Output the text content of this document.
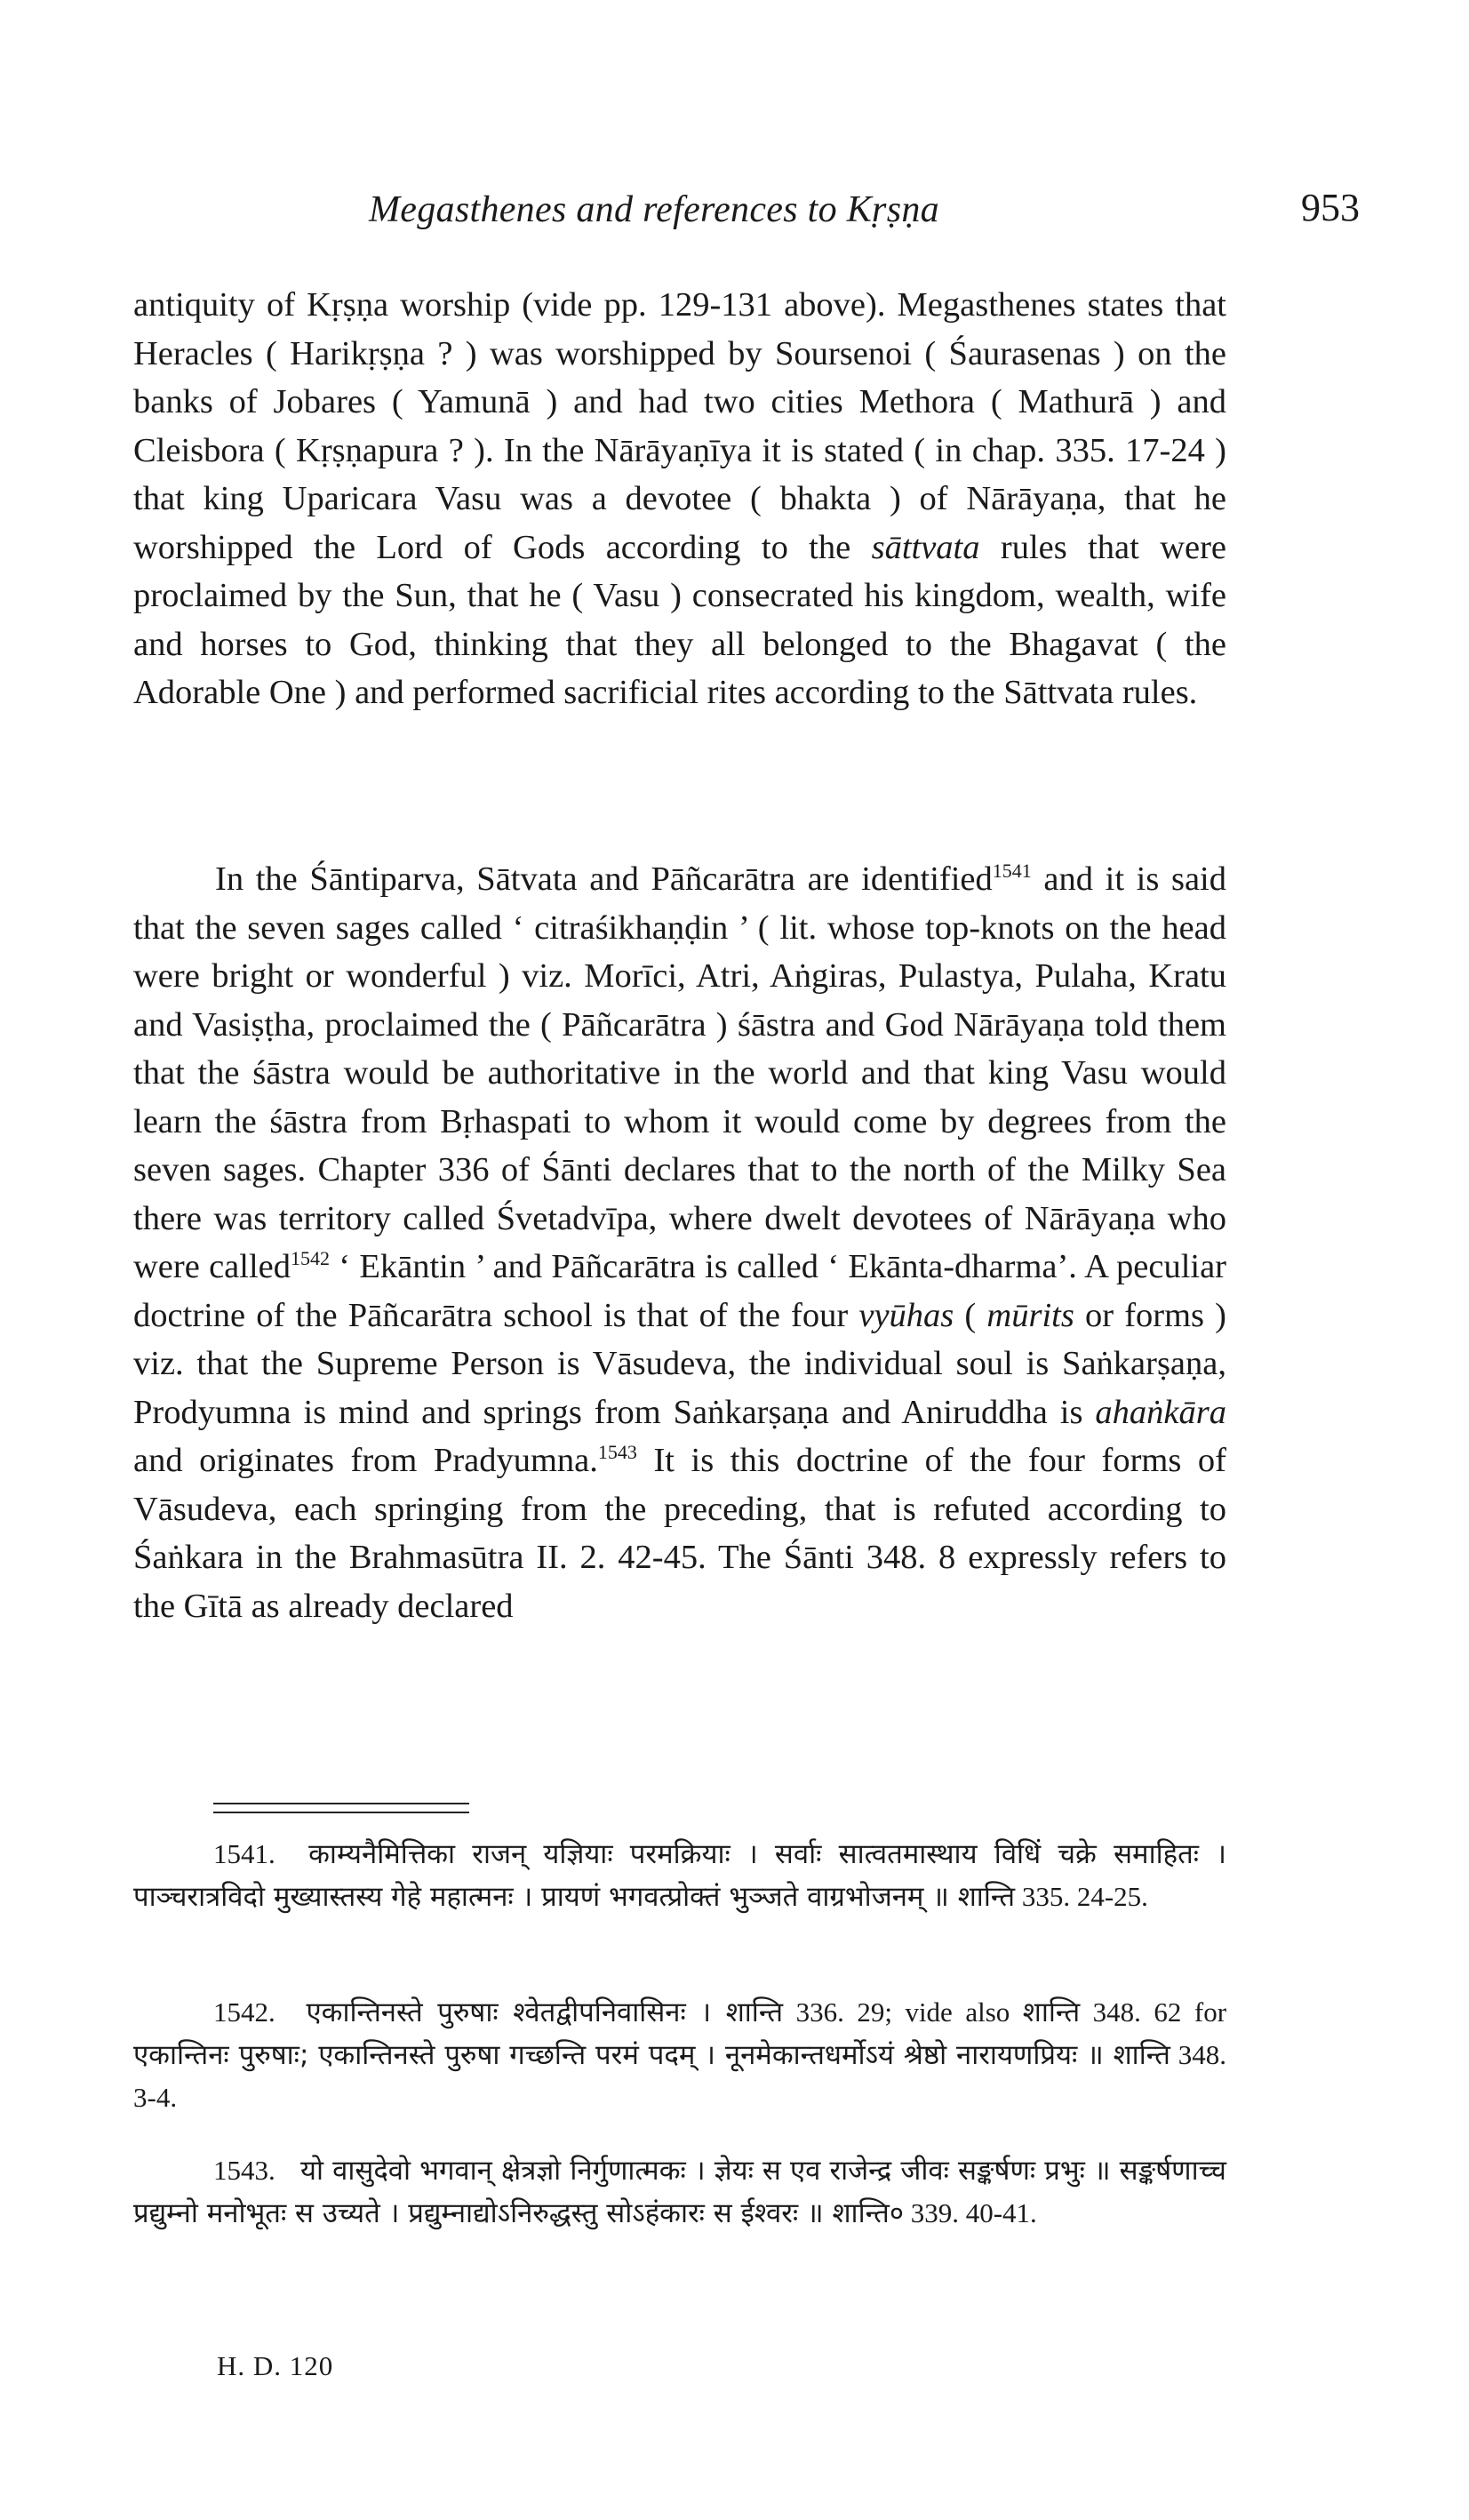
Megasthenes and references to Kṛṣṇa	953

antiquity of Kṛṣṇa worship (vide pp. 129-131 above). Megasthenes states that Heracles ( Harikṛṣṇa ? ) was worshipped by Soursenoi ( Śaurasenas ) on the banks of Jobares ( Yamunā ) and had two cities Methora ( Mathurā ) and Cleisbora ( Kṛṣṇapura ? ). In the Nārāyaṇīya it is stated ( in chap. 335. 17-24 ) that king Uparicara Vasu was a devotee ( bhakta ) of Nārāyaṇa, that he worshipped the Lord of Gods according to the sāttvata rules that were proclaimed by the Sun, that he ( Vasu ) consecrated his kingdom, wealth, wife and horses to God, thinking that they all belonged to the Bhagavat ( the Adorable One ) and performed sacrificial rites according to the Sāttvata rules.

In the Śāntiparva, Sātvata and Pāñcarātra are identified$^{1541}$ and it is said that the seven sages called ‘ citraśikhaṇḍin ’ ( lit. whose top-knots on the head were bright or wonderful ) viz. Morīci, Atri, Aṅgiras, Pulastya, Pulaha, Kratu and Vasiṣṭha, proclaimed the ( Pāñcarātra ) śāstra and God Nārāyaṇa told them that the śāstra would be authoritative in the world and that king Vasu would learn the śāstra from Bṛhaspati to whom it would come by degrees from the seven sages. Chapter 336 of Śānti declares that to the north of the Milky Sea there was territory called Śvetadvīpa, where dwelt devotees of Nārāyaṇa who were called$^{1542}$ ‘ Ekāntin ’ and Pāñcarātra is called ‘ Ekānta-dharma’. A peculiar doctrine of the Pāñcarātra school is that of the four vyūhas ( mūrits or forms ) viz. that the Supreme Person is Vāsudeva, the individual soul is Saṅkarṣaṇa, Prodyumna is mind and springs from Saṅkarṣaṇa and Aniruddha is ahaṅkāra and originates from Pradyumna.$^{1543}$ It is this doctrine of the four forms of Vāsudeva, each springing from the preceding, that is refuted according to Śaṅkara in the Brahmasūtra II. 2. 42-45. The Śānti 348. 8 expressly refers to the Gītā as already declared

1541. काम्यनैमित्तिका राजन् यज्ञियाः परमक्रियाः । सर्वाः सात्वतमास्थाय विधिं चक्रे समाहितः । पाञ्चरात्रविदो मुख्यास्तस्य गेहे महात्मनः । प्रायणं भगवत्प्रोक्तं भुञ्जते वाग्रभोजनम् ॥ शान्ति 335. 24-25.

1542. एकान्तिनस्ते पुरुषाः श्वेतद्वीपनिवासिनः । शान्ति 336. 29; vide also शान्ति 348. 62 for एकान्तिनः पुरुषाः; एकान्तिनस्ते पुरुषा गच्छन्ति परमं पदम् । नूनमेकान्तधर्मोऽयं श्रेष्ठो नारायणप्रियः ॥ शान्ति 348. 3-4.

1543. यो वासुदेवो भगवान् क्षेत्रज्ञो निर्गुणात्मकः । ज्ञेयः स एव राजेन्द्र जीवः सङ्कर्षणः प्रभुः ॥ सङ्कर्षणाच्च प्रद्युम्नो मनोभूतः स उच्यते । प्रद्युम्नाद्योऽनिरुद्धस्तु सोऽहंकारः स ईश्वरः ॥ शान्ति० 339. 40-41.

H. D. 120
